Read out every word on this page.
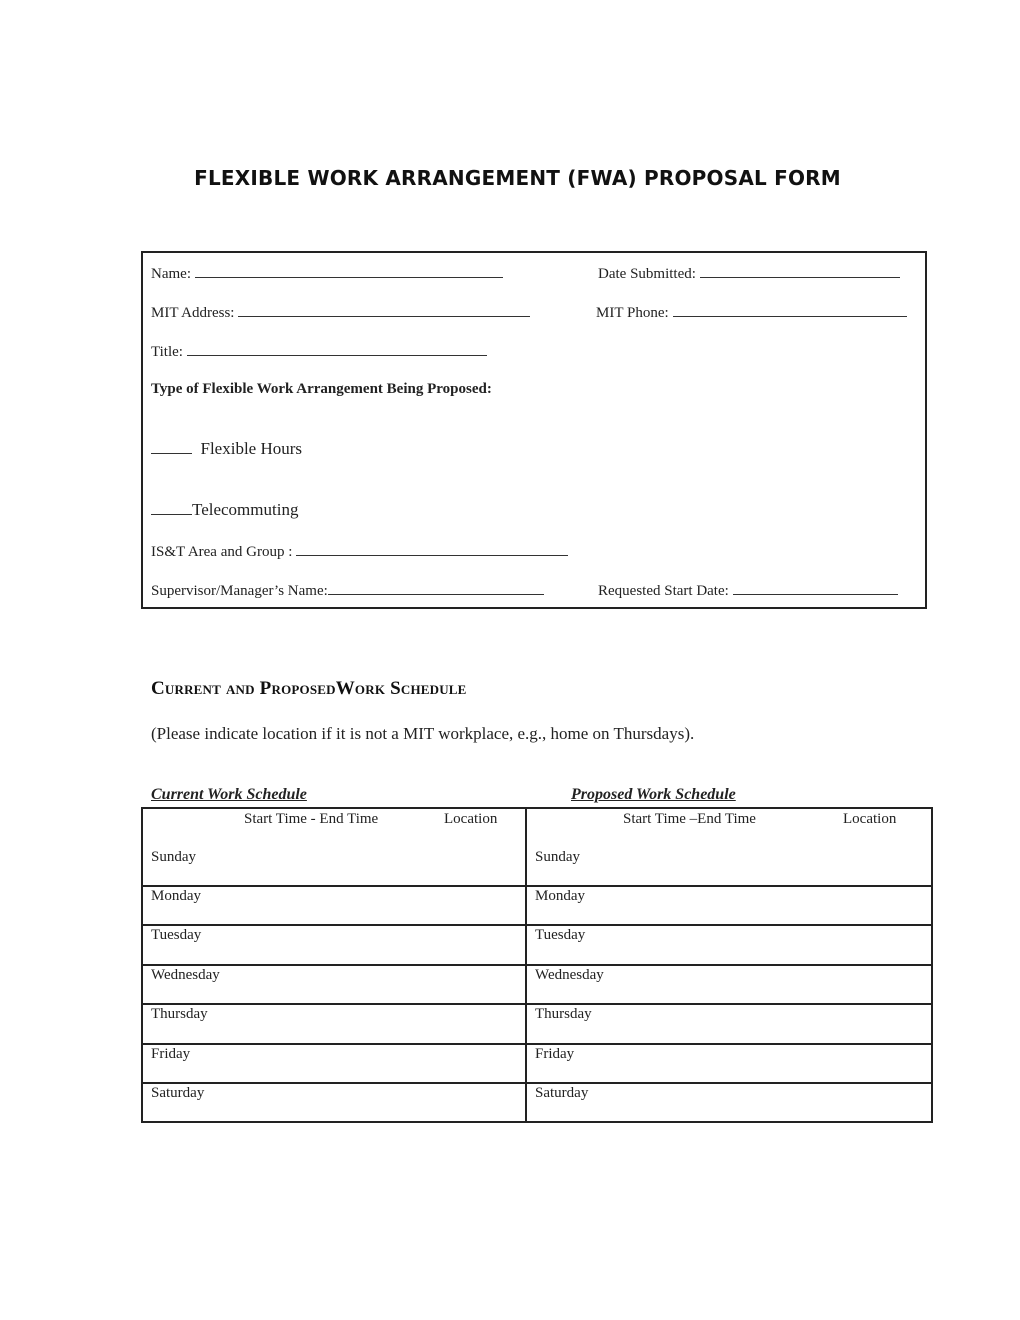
FLEXIBLE WORK ARRANGEMENT (FWA) PROPOSAL FORM
Name:	Date Submitted:
MIT Address:	MIT Phone:
Title:
Type of Flexible Work Arrangement Being Proposed:
Flexible Hours
Telecommuting
IS&T Area and Group :
Supervisor/Manager’s Name:	Requested Start Date:
Current and ProposedWork Schedule
(Please indicate location if it is not a MIT workplace, e.g., home on Thursdays).
Current Work Schedule	Proposed Work Schedule
Start Time - End Time	Location
Sunday
Monday
Tuesday
Wednesday
Thursday
Friday
Saturday
Start Time –End Time	Location
Sunday
Monday
Tuesday
Wednesday
Thursday
Friday
Saturday
